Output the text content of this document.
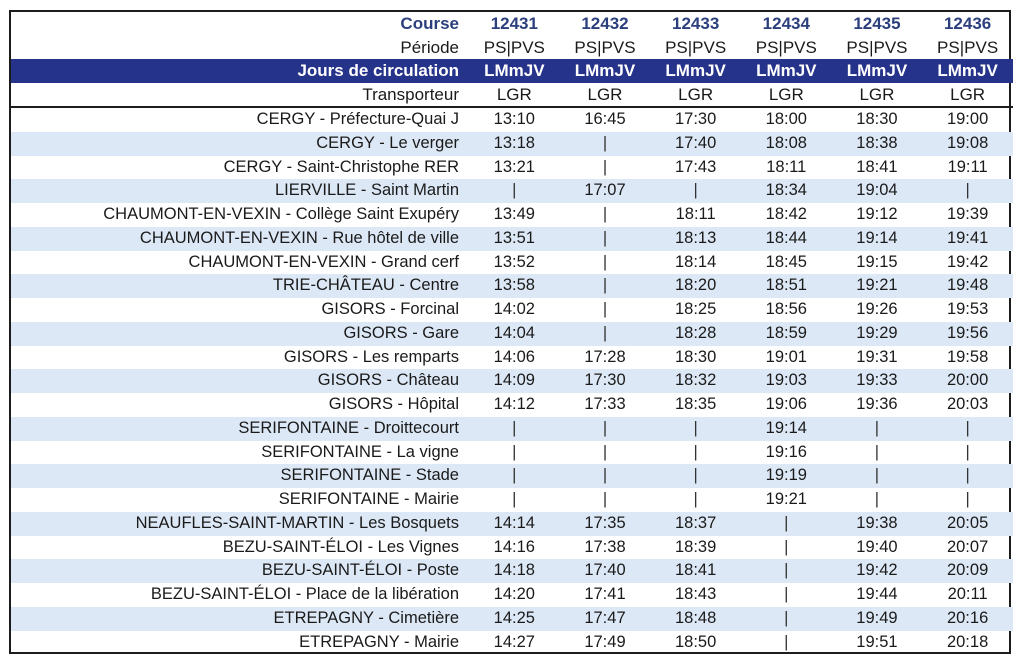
Course	12431	12432	12433	12434	12435	12436
Période	PS|PVS	PS|PVS	PS|PVS	PS|PVS	PS|PVS	PS|PVS
Jours de circulation	LMmJV	LMmJV	LMmJV	LMmJV	LMmJV	LMmJV
Transporteur	LGR	LGR	LGR	LGR	LGR	LGR
CERGY - Préfecture-Quai J	13:10	16:45	17:30	18:00	18:30	19:00
CERGY - Le verger	13:18	|	17:40	18:08	18:38	19:08
CERGY - Saint-Christophe RER	13:21	|	17:43	18:11	18:41	19:11
LIERVILLE - Saint Martin	|	17:07	|	18:34	19:04	|
CHAUMONT-EN-VEXIN - Collège Saint Exupéry	13:49	|	18:11	18:42	19:12	19:39
CHAUMONT-EN-VEXIN - Rue hôtel de ville	13:51	|	18:13	18:44	19:14	19:41
CHAUMONT-EN-VEXIN - Grand cerf	13:52	|	18:14	18:45	19:15	19:42
TRIE-CHÂTEAU - Centre	13:58	|	18:20	18:51	19:21	19:48
GISORS - Forcinal	14:02	|	18:25	18:56	19:26	19:53
GISORS - Gare	14:04	|	18:28	18:59	19:29	19:56
GISORS - Les remparts	14:06	17:28	18:30	19:01	19:31	19:58
GISORS - Château	14:09	17:30	18:32	19:03	19:33	20:00
GISORS - Hôpital	14:12	17:33	18:35	19:06	19:36	20:03
SERIFONTAINE - Droittecourt	|	|	|	19:14	|	|
SERIFONTAINE - La vigne	|	|	|	19:16	|	|
SERIFONTAINE - Stade	|	|	|	19:19	|	|
SERIFONTAINE - Mairie	|	|	|	19:21	|	|
NEAUFLES-SAINT-MARTIN - Les Bosquets	14:14	17:35	18:37	|	19:38	20:05
BEZU-SAINT-ÉLOI - Les Vignes	14:16	17:38	18:39	|	19:40	20:07
BEZU-SAINT-ÉLOI - Poste	14:18	17:40	18:41	|	19:42	20:09
BEZU-SAINT-ÉLOI - Place de la libération	14:20	17:41	18:43	|	19:44	20:11
ETREPAGNY - Cimetière	14:25	17:47	18:48	|	19:49	20:16
ETREPAGNY - Mairie	14:27	17:49	18:50	|	19:51	20:18
